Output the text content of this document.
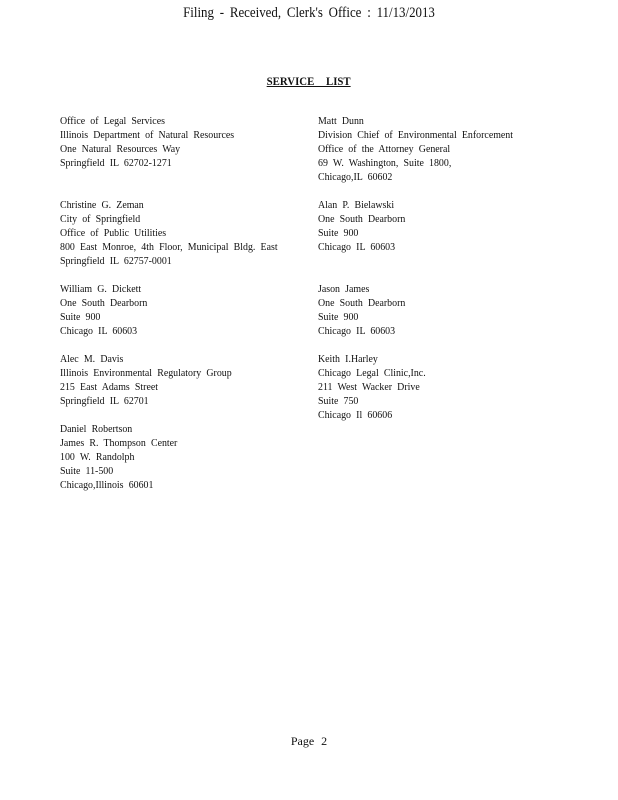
Filing - Received, Clerk's Office : 11/13/2013
SERVICE LIST
Office of Legal Services
Illinois Department of Natural Resources
One Natural Resources Way
Springfield IL 62702-1271
Christine G. Zeman
City of Springfield
Office of Public Utilities
800 East Monroe, 4th Floor, Municipal Bldg. East
Springfield IL 62757-0001
William G. Dickett
One South Dearborn
Suite 900
Chicago IL 60603
Alec M. Davis
Illinois Environmental Regulatory Group
215 East Adams Street
Springfield IL 62701
Daniel Robertson
James R. Thompson Center
100 W. Randolph
Suite 11-500
Chicago,Illinois 60601
Matt Dunn
Division Chief of Environmental Enforcement
Office of the Attorney General
69 W. Washington, Suite 1800,
Chicago,IL 60602
Alan P. Bielawski
One South Dearborn
Suite 900
Chicago IL 60603
Jason James
One South Dearborn
Suite 900
Chicago IL 60603
Keith I.Harley
Chicago Legal Clinic,Inc.
211 West Wacker Drive
Suite 750
Chicago Il 60606
Page 2
